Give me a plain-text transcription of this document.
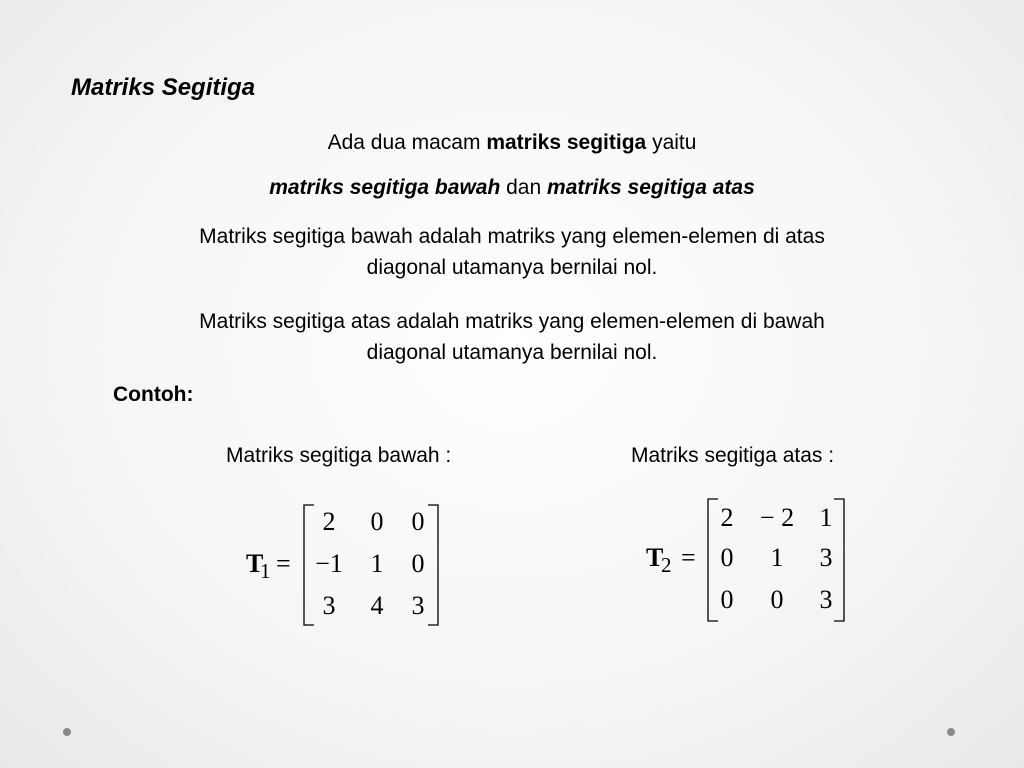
Matriks Segitiga
Ada dua macam matriks segitiga yaitu
matriks segitiga bawah dan matriks segitiga atas
Matriks segitiga bawah adalah matriks yang elemen-elemen di atas
diagonal utamanya bernilai nol.
Matriks segitiga atas adalah matriks yang elemen-elemen di bawah
diagonal utamanya bernilai nol.
Contoh:
Matriks segitiga bawah :	Matriks segitiga atas :
T
1 =
2 0 0
−1 1 0
3 4 3
T
2 =
2 − 2 1
0 1 3
0 0 3
